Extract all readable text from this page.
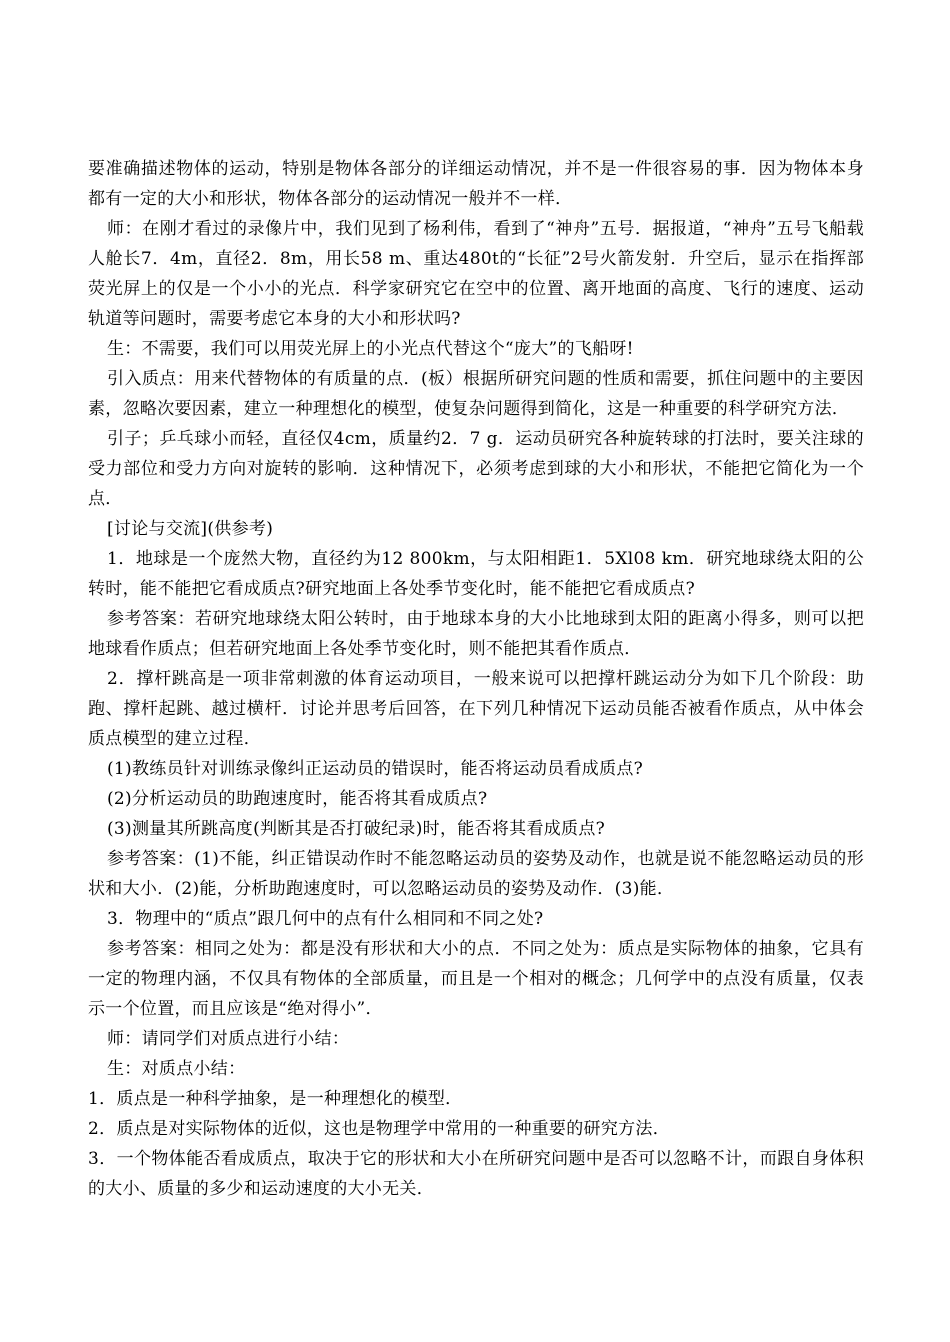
要准确描述物体的运动，特别是物体各部分的详细运动情况，并不是一件很容易的事．因为物体本身都有一定的大小和形状，物体各部分的运动情况一般并不一样．

师：在刚才看过的录像片中，我们见到了杨利伟，看到了“神舟”五号．据报道，“神舟”五号飞船载人舱长7．4m，直径2．8m，用长58 m、重达480t的“长征”2号火箭发射．升空后，显示在指挥部荧光屏上的仅是一个小小的光点．科学家研究它在空中的位置、离开地面的高度、飞行的速度、运动轨道等问题时，需要考虑它本身的大小和形状吗?

生：不需要，我们可以用荧光屏上的小光点代替这个“庞大”的飞船呀!

引入质点：用来代替物体的有质量的点．(板）根据所研究问题的性质和需要，抓住问题中的主要因素，忽略次要因素，建立一种理想化的模型，使复杂问题得到简化，这是一种重要的科学研究方法．

引子；乒乓球小而轻，直径仅4cm，质量约2．7 g．运动员研究各种旋转球的打法时，要关注球的受力部位和受力方向对旋转的影响．这种情况下，必须考虑到球的大小和形状，不能把它简化为一个点．

[讨论与交流](供参考)

1．地球是一个庞然大物，直径约为12 800km，与太阳相距1．5Xl08 km．研究地球绕太阳的公转时，能不能把它看成质点?研究地面上各处季节变化时，能不能把它看成质点?

参考答案：若研究地球绕太阳公转时，由于地球本身的大小比地球到太阳的距离小得多，则可以把地球看作质点；但若研究地面上各处季节变化时，则不能把其看作质点．

2．撑杆跳高是一项非常刺激的体育运动项目，一般来说可以把撑杆跳运动分为如下几个阶段：助跑、撑杆起跳、越过横杆．讨论并思考后回答，在下列几种情况下运动员能否被看作质点，从中体会质点模型的建立过程．

(1)教练员针对训练录像纠正运动员的错误时，能否将运动员看成质点?

(2)分析运动员的助跑速度时，能否将其看成质点?

(3)测量其所跳高度(判断其是否打破纪录)时，能否将其看成质点?

参考答案：(1)不能，纠正错误动作时不能忽略运动员的姿势及动作，也就是说不能忽略运动员的形状和大小．(2)能，分析助跑速度时，可以忽略运动员的姿势及动作．(3)能．

3．物理中的“质点”跟几何中的点有什么相同和不同之处?

参考答案：相同之处为：都是没有形状和大小的点．不同之处为：质点是实际物体的抽象，它具有一定的物理内涵，不仅具有物体的全部质量，而且是一个相对的概念；几何学中的点没有质量，仅表示一个位置，而且应该是“绝对得小”．

师：请同学们对质点进行小结：

生：对质点小结：

1．质点是一种科学抽象，是一种理想化的模型．

2．质点是对实际物体的近似，这也是物理学中常用的一种重要的研究方法．

3．一个物体能否看成质点，取决于它的形状和大小在所研究问题中是否可以忽略不计，而跟自身体积的大小、质量的多少和运动速度的大小无关．
